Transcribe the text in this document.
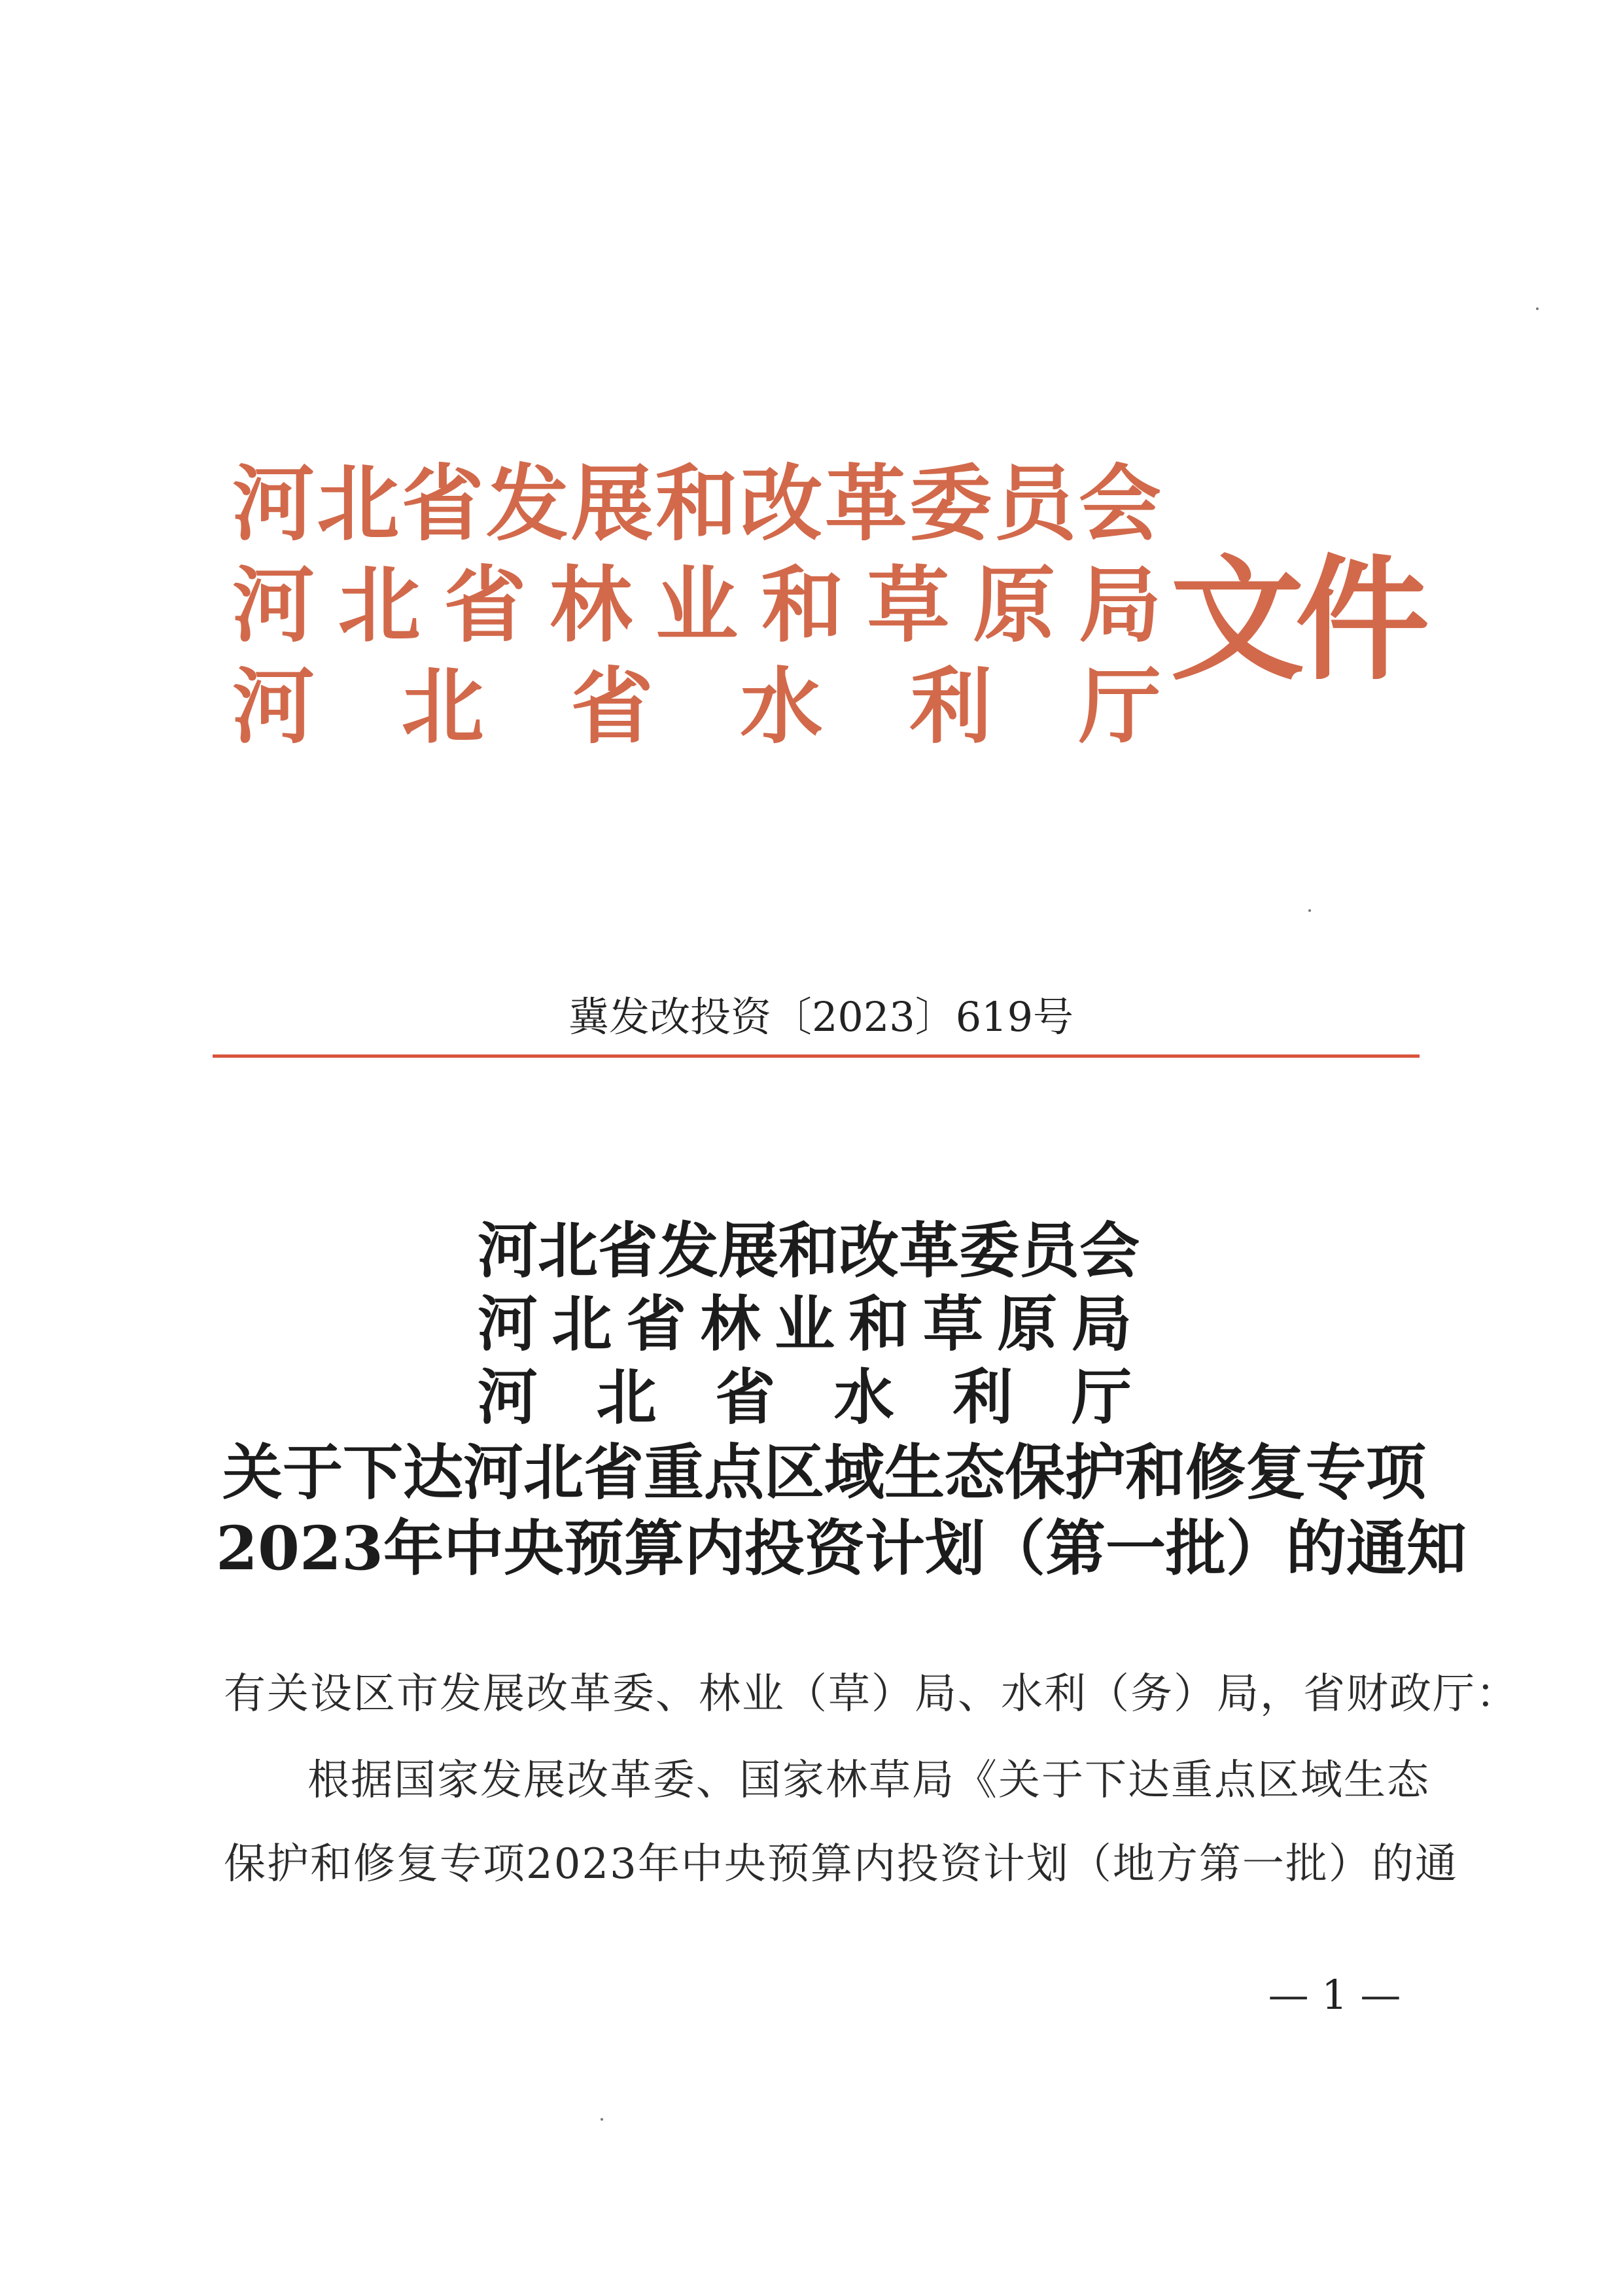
河 北 省 发 展 和 改 革 委 员 会
河 北 省 林 业 和 草 原 局
河 北 省 水 利 厅
文件
冀发改投资〔2023〕619号
河 北 省 发 展 和 改 革 委 员 会
河 北 省 林 业 和 草 原 局
河 北 省 水 利 厅
关于下达河北省重点区域生态保护和修复专项
2023年中央预算内投资计划（第一批）的通知
有关设区市发展改革委、林业（草）局、水利（务）局，省财政厅：
根据国家发展改革委、国家林草局《关于下达重点区域生态
保护和修复专项2023年中央预算内投资计划（地方第一批）的通
— 1 —
